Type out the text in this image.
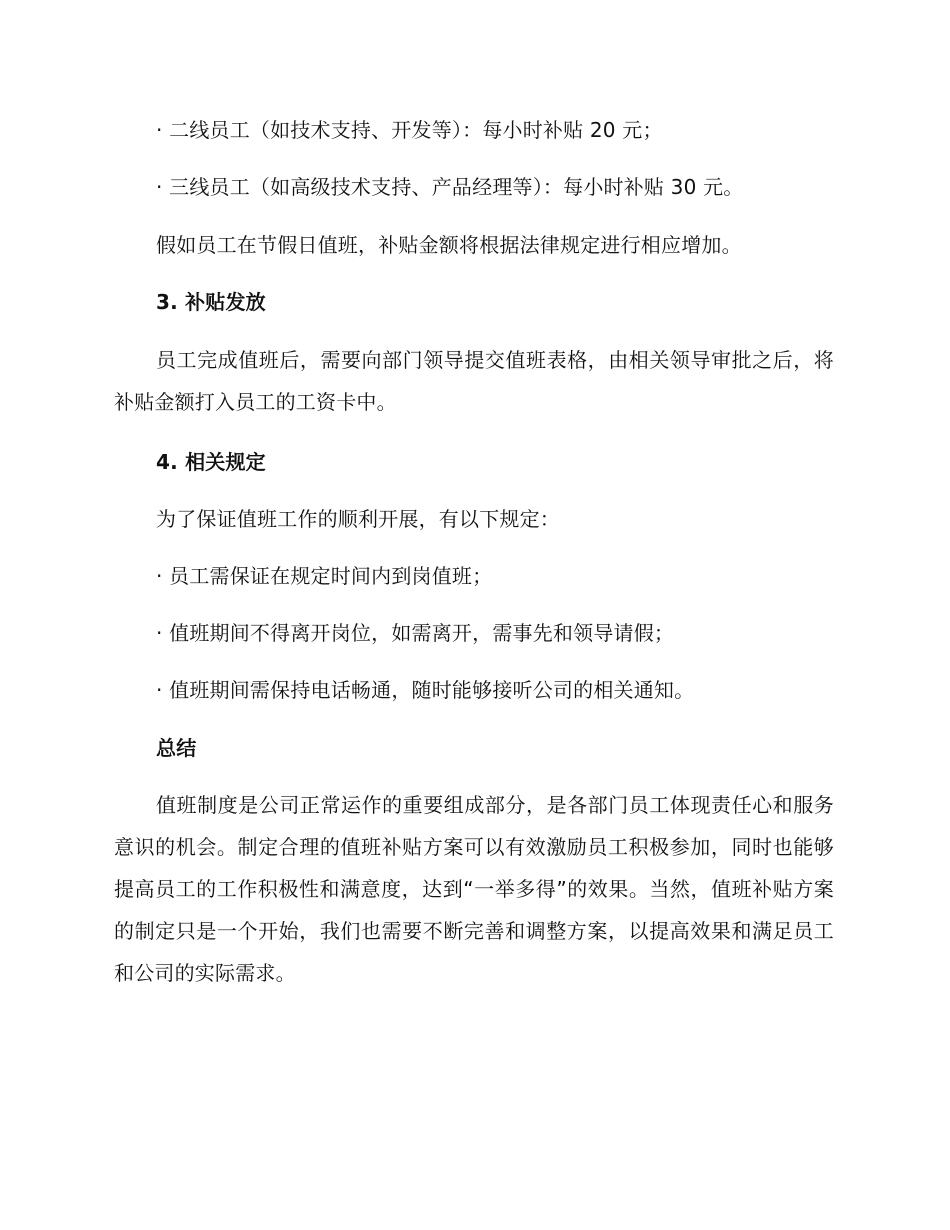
· 二线员工（如技术支持、开发等）：每小时补贴 20 元；
· 三线员工（如高级技术支持、产品经理等）：每小时补贴 30 元。
假如员工在节假日值班，补贴金额将根据法律规定进行相应增加。
3. 补贴发放
员工完成值班后，需要向部门领导提交值班表格，由相关领导审批之后，将补贴金额打入员工的工资卡中。
4. 相关规定
为了保证值班工作的顺利开展，有以下规定：
· 员工需保证在规定时间内到岗值班；
· 值班期间不得离开岗位，如需离开，需事先和领导请假；
· 值班期间需保持电话畅通，随时能够接听公司的相关通知。
总结
值班制度是公司正常运作的重要组成部分，是各部门员工体现责任心和服务意识的机会。制定合理的值班补贴方案可以有效激励员工积极参加，同时也能够提高员工的工作积极性和满意度，达到“一举多得”的效果。当然，值班补贴方案的制定只是一个开始，我们也需要不断完善和调整方案，以提高效果和满足员工和公司的实际需求。
